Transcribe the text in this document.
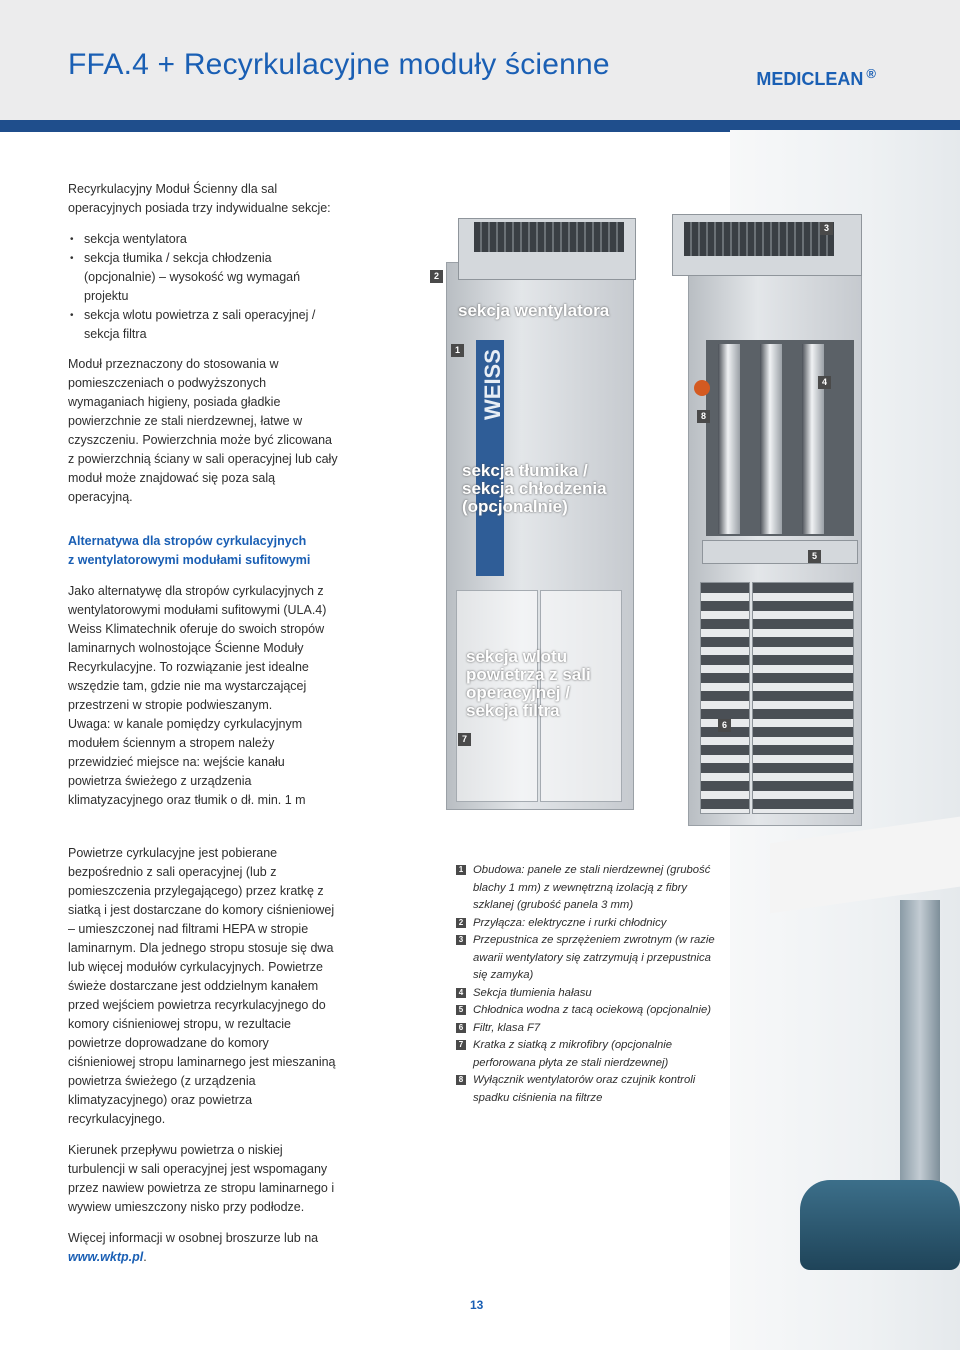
FFA.4 + Recyrkulacyjne moduły ścienne	MEDICLEAN ®

Recyrkulacyjny Moduł Ścienny dla sal operacyjnych posiada trzy indywidualne sekcje:

• sekcja wentylatora
• sekcja tłumika / sekcja chłodzenia (opcjonalnie) – wysokość wg wymagań projektu
• sekcja wlotu powietrza z sali operacyjnej / sekcja filtra

Moduł przeznaczony do stosowania w pomieszczeniach o podwyższonych wymaganiach higieny, posiada gładkie powierzchnie ze stali nierdzewnej, łatwe w czyszczeniu. Powierzchnia może być zlicowana z powierzchnią ściany w sali operacyjnej lub cały moduł może znajdować się poza salą operacyjną.

Alternatywa dla stropów cyrkulacyjnych
z wentylatorowymi modułami sufitowymi

Jako alternatywę dla stropów cyrkulacyjnych z wentylatorowymi modułami sufitowymi (ULA.4) Weiss Klimatechnik oferuje do swoich stropów laminarnych wolnostojące Ścienne Moduły Recyrkulacyjne. To rozwiązanie jest idealne wszędzie tam, gdzie nie ma wystarczającej przestrzeni w stropie podwieszanym.

Uwaga: w kanale pomiędzy cyrkulacyjnym modułem ściennym a stropem należy przewidzieć miejsce na: wejście kanału powietrza świeżego z urządzenia klimatyzacyjnego oraz tłumik o dł. min. 1 m

Powietrze cyrkulacyjne jest pobierane bezpośrednio z sali operacyjnej (lub z pomieszczenia przylegającego) przez kratkę z siatką i jest dostarczane do komory ciśnieniowej – umieszczonej nad filtrami HEPA w stropie laminarnym. Dla jednego stropu stosuje się dwa lub więcej modułów cyrkulacyjnych. Powietrze świeże dostarczane jest oddzielnym kanałem przed wejściem powietrza recyrkulacyjnego do komory ciśnieniowej stropu, w rezultacie powietrze doprowadzane do komory ciśnieniowej stropu laminarnego jest mieszaniną powietrza świeżego (z urządzenia klimatyzacyjnego) oraz powietrza recyrkulacyjnego.

Kierunek przepływu powietrza o niskiej turbulencji w sali operacyjnej jest wspomagany przez nawiew powietrza ze stropu laminarnego i wywiew umieszczony nisko przy podłodze.

Więcej informacji w osobnej broszurze lub na www.wktp.pl.

WEISS
sekcja wentylatora
sekcja tłumika /
sekcja chłodzenia
(opcjonalnie)
sekcja wlotu
powietrza z sali
operacyjnej /
sekcja filtra
1
2
3
4
5
6
7
8
1 Obudowa: panele ze stali nierdzewnej (grubość blachy 1 mm) z wewnętrzną izolacją z fibry szklanej (grubość panela 3 mm)
2 Przyłącza: elektryczne i rurki chłodnicy
3 Przepustnica ze sprzężeniem zwrotnym (w razie awarii wentylatory się zatrzymują i przepustnica się zamyka)
4 Sekcja tłumienia hałasu
5 Chłodnica wodna z tacą ociekową (opcjonalnie)
6 Filtr, klasa F7
7 Kratka z siatką z mikrofibry (opcjonalnie perforowana płyta ze stali nierdzewnej)
8 Wyłącznik wentylatorów oraz czujnik kontroli spadku ciśnienia na filtrze
13
